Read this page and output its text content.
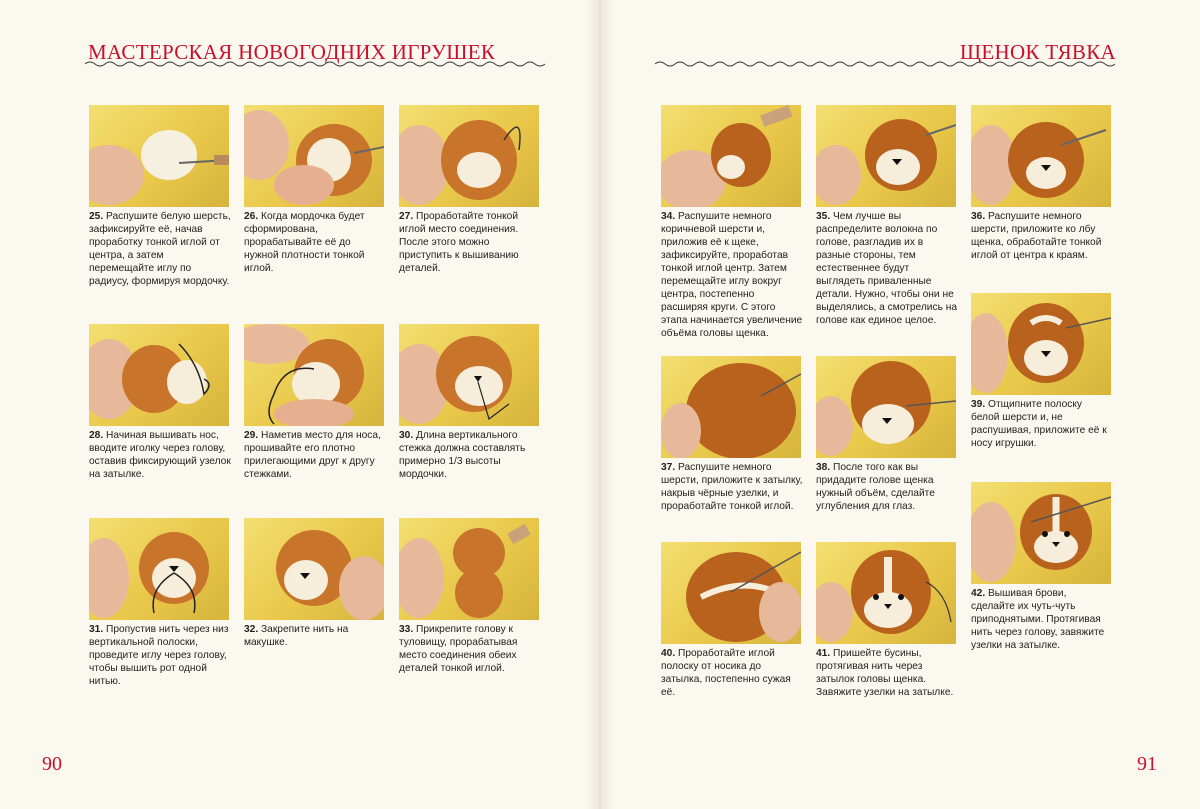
МАСТЕРСКАЯ НОВОГОДНИХ ИГРУШЕК	ЩЕНОК ТЯВКА
90	91
25. Распушите белую шерсть, зафиксируйте её, начав проработку тонкой иглой от центра, а затем перемещайте иглу по радиусу, формируя мордочку.
26. Когда мордочка будет сформирована, прорабатывайте её до нужной плотности тонкой иглой.
27. Проработайте тонкой иглой место соединения. После этого можно приступить к вышиванию деталей.
28. Начиная вышивать нос, вводите иголку через голову, оставив фиксирующий узелок на затылке.
29. Наметив место для носа, прошивайте его плотно прилегающими друг к другу стежками.
30. Длина вертикального стежка должна составлять примерно 1/3 высоты мордочки.
31. Пропустив нить через низ вертикальной полоски, проведите иглу через голову, чтобы вышить рот одной нитью.
32. Закрепите нить на макушке.
33. Прикрепите голову к туловищу, прорабатывая место соединения обеих деталей тонкой иглой.
34. Распушите немного коричневой шерсти и, приложив её к щеке, зафиксируйте, проработав тонкой иглой центр. Затем перемещайте иглу вокруг центра, постепенно расширяя круги. С этого этапа начинается увеличение объёма головы щенка.
35. Чем лучше вы распределите волокна по голове, разгладив их в разные стороны, тем естественнее будут выглядеть приваленные детали. Нужно, чтобы они не выделялись, а смотрелись на голове как единое целое.
36. Распушите немного шерсти, приложите ко лбу щенка, обработайте тонкой иглой от центра к краям.
37. Распушите немного шерсти, приложите к затылку, накрыв чёрные узелки, и проработайте тонкой иглой.
38. После того как вы придадите голове щенка нужный объём, сделайте углубления для глаз.
39. Отщипните полоску белой шерсти и, не распушивая, приложите её к носу игрушки.
40. Проработайте иглой полоску от носика до затылка, постепенно сужая её.
41. Пришейте бусины, протягивая нить через затылок головы щенка. Завяжите узелки на затылке.
42. Вышивая брови, сделайте их чуть-чуть приподнятыми. Протягивая нить через голову, завяжите узелки на затылке.
